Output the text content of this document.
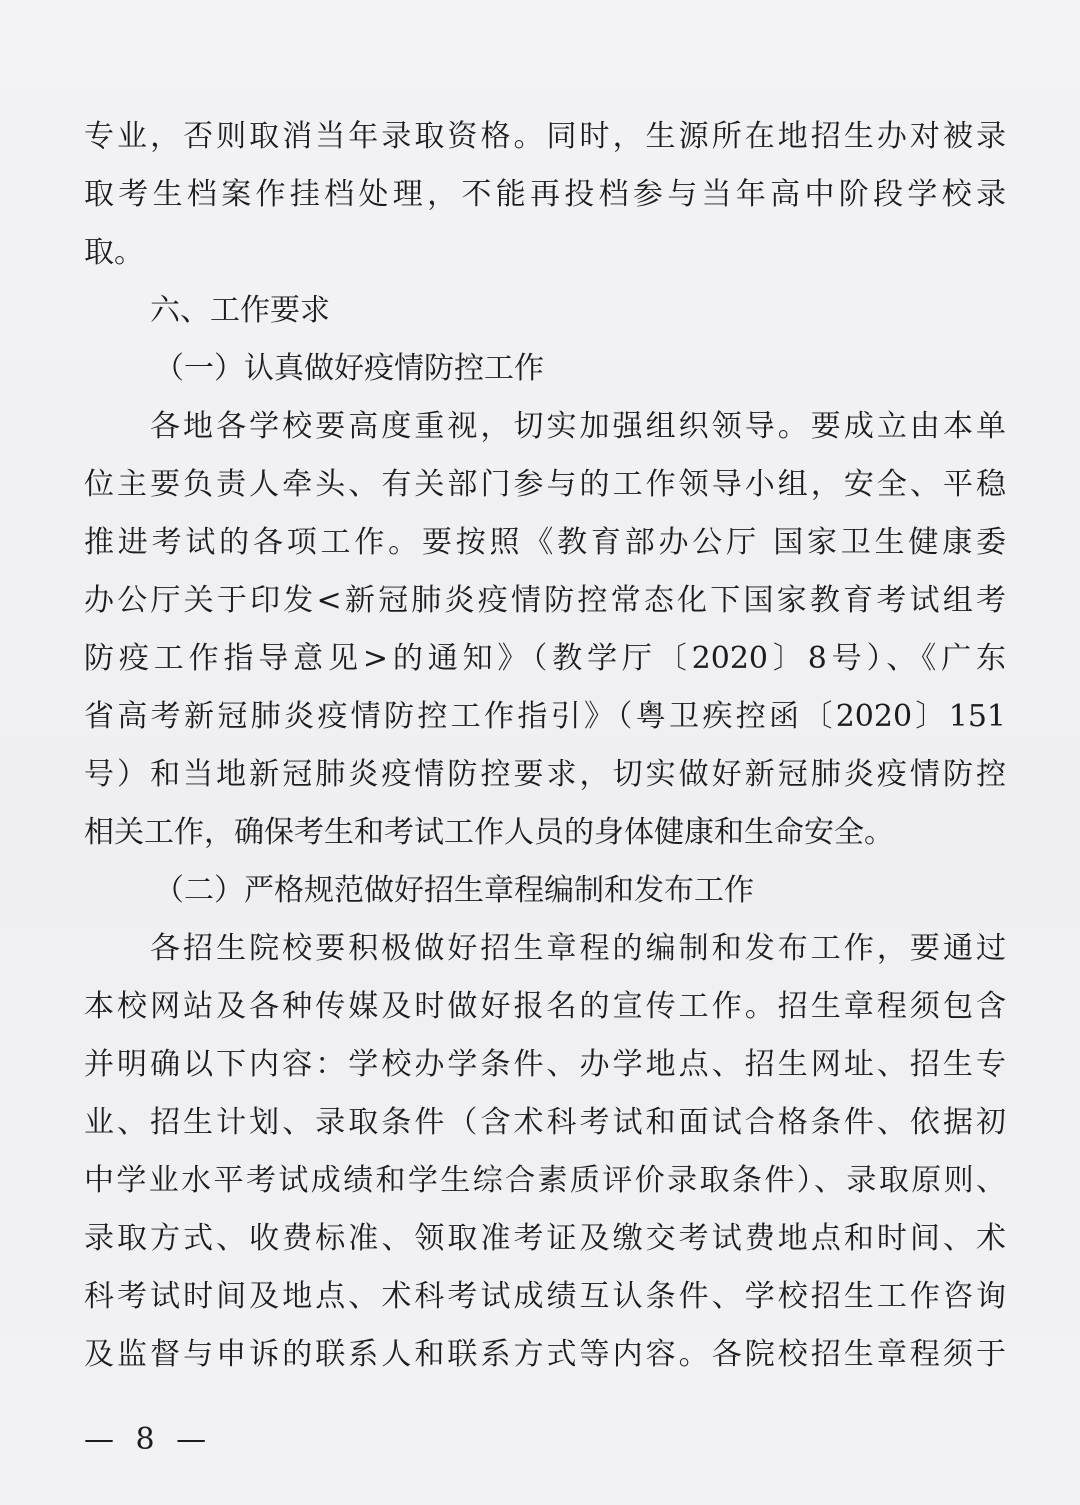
专业，否则取消当年录取资格。同时，生源所在地招生办对被录
取考生档案作挂档处理，不能再投档参与当年高中阶段学校录
取。
六、工作要求
（一）认真做好疫情防控工作
各地各学校要高度重视，切实加强组织领导。要成立由本单
位主要负责人牵头、有关部门参与的工作领导小组，安全、平稳
推进考试的各项工作。要按照《教育部办公厅 国家卫生健康委
办公厅关于印发<新冠肺炎疫情防控常态化下国家教育考试组考
防疫工作指导意见>的通知》（教学厅〔2020〕8号）、《广东
省高考新冠肺炎疫情防控工作指引》（粤卫疾控函〔2020〕151
号）和当地新冠肺炎疫情防控要求，切实做好新冠肺炎疫情防控
相关工作，确保考生和考试工作人员的身体健康和生命安全。
（二）严格规范做好招生章程编制和发布工作
各招生院校要积极做好招生章程的编制和发布工作，要通过
本校网站及各种传媒及时做好报名的宣传工作。招生章程须包含
并明确以下内容：学校办学条件、办学地点、招生网址、招生专
业、招生计划、录取条件（含术科考试和面试合格条件、依据初
中学业水平考试成绩和学生综合素质评价录取条件）、录取原则、
录取方式、收费标准、领取准考证及缴交考试费地点和时间、术
科考试时间及地点、术科考试成绩互认条件、学校招生工作咨询
及监督与申诉的联系人和联系方式等内容。各院校招生章程须于
— 8 —
